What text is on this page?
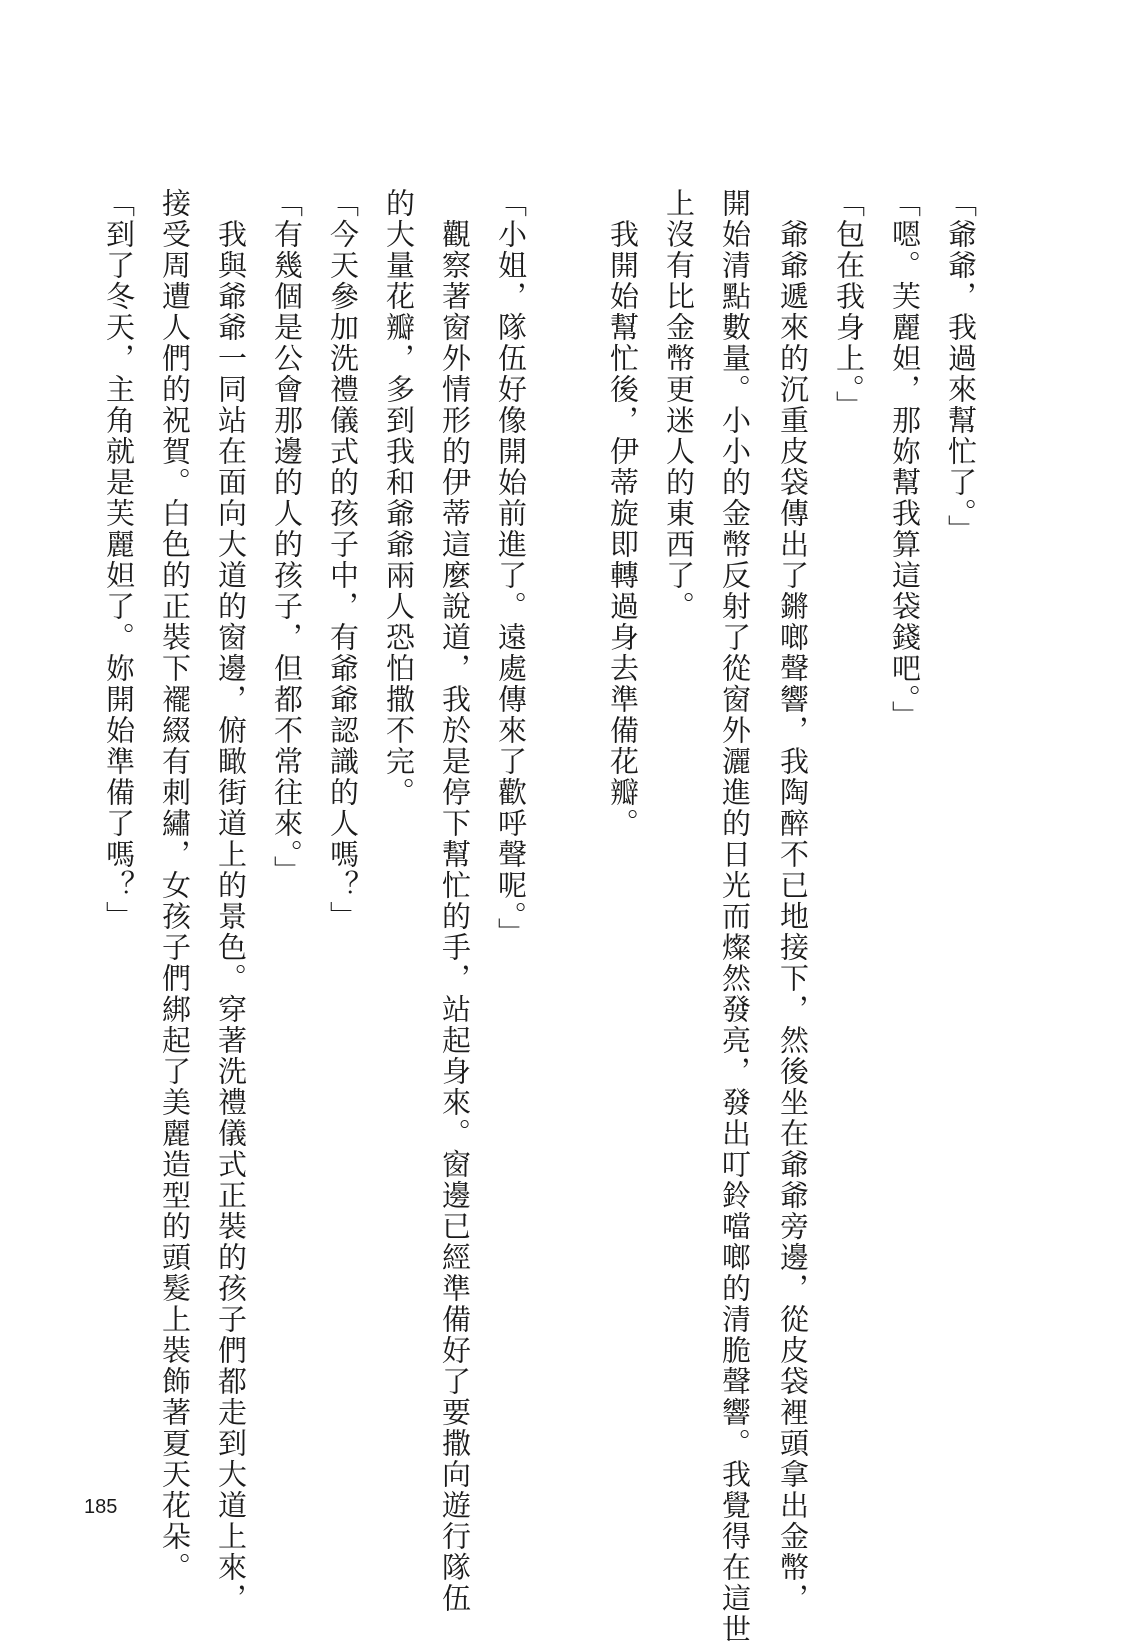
「爺爺，我過來幫忙了。」

「嗯。芙麗妲，那妳幫我算這袋錢吧。」

「包在我身上。」

　爺爺遞來的沉重皮袋傳出了鏘啷聲響，我陶醉不已地接下，然後坐在爺爺旁邊，從皮袋裡頭拿出金幣，

開始清點數量。小小的金幣反射了從窗外灑進的日光而燦然發亮，發出叮鈴噹啷的清脆聲響。我覺得在這世

上沒有比金幣更迷人的東西了。

　我開始幫忙後，伊蒂旋即轉過身去準備花瓣。

「小姐，隊伍好像開始前進了。遠處傳來了歡呼聲呢。」

　觀察著窗外情形的伊蒂這麼說道，我於是停下幫忙的手，站起身來。窗邊已經準備好了要撒向遊行隊伍

的大量花瓣，多到我和爺爺兩人恐怕撒不完。

「今天參加洗禮儀式的孩子中，有爺爺認識的人嗎？」

「有幾個是公會那邊的人的孩子，但都不常往來。」

　我與爺爺一同站在面向大道的窗邊，俯瞰街道上的景色。穿著洗禮儀式正裝的孩子們都走到大道上來，

接受周遭人們的祝賀。白色的正裝下襬綴有刺繡，女孩子們綁起了美麗造型的頭髮上裝飾著夏天花朵。

「到了冬天，主角就是芙麗妲了。妳開始準備了嗎？」

185
